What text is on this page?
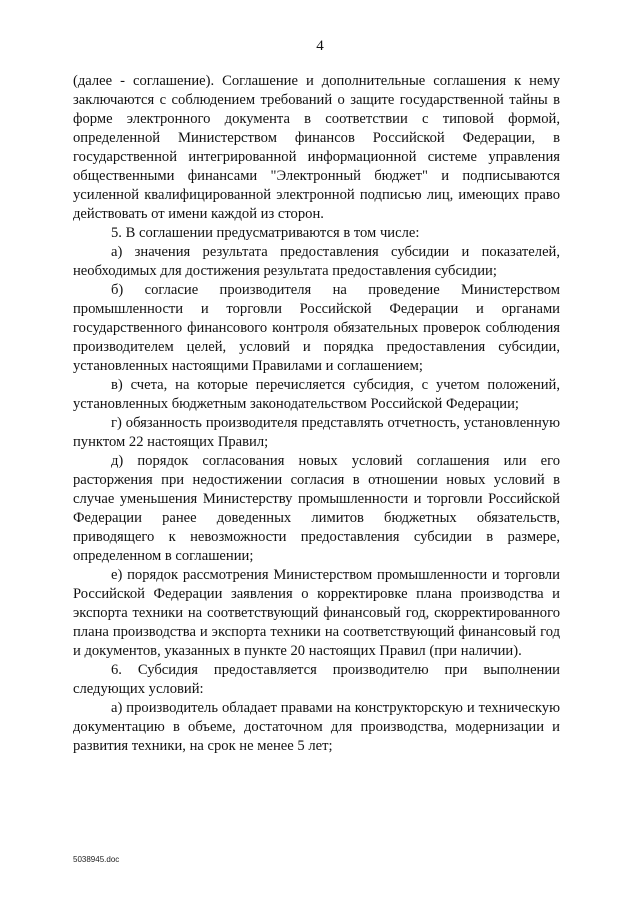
4

(далее - соглашение). Соглашение и дополнительные соглашения к нему заключаются с соблюдением требований о защите государственной тайны в форме электронного документа в соответствии с типовой формой, определенной Министерством финансов Российской Федерации, в государственной интегрированной информационной системе управления общественными финансами "Электронный бюджет" и подписываются усиленной квалифицированной электронной подписью лиц, имеющих право действовать от имени каждой из сторон.

5. В соглашении предусматриваются в том числе:

а) значения результата предоставления субсидии и показателей, необходимых для достижения результата предоставления субсидии;

б) согласие производителя на проведение Министерством промышленности и торговли Российской Федерации и органами государственного финансового контроля обязательных проверок соблюдения производителем целей, условий и порядка предоставления субсидии, установленных настоящими Правилами и соглашением;

в) счета, на которые перечисляется субсидия, с учетом положений, установленных бюджетным законодательством Российской Федерации;

г) обязанность производителя представлять отчетность, установленную пунктом 22 настоящих Правил;

д) порядок согласования новых условий соглашения или его расторжения при недостижении согласия в отношении новых условий в случае уменьшения Министерству промышленности и торговли Российской Федерации ранее доведенных лимитов бюджетных обязательств, приводящего к невозможности предоставления субсидии в размере, определенном в соглашении;

е) порядок рассмотрения Министерством промышленности и торговли Российской Федерации заявления о корректировке плана производства и экспорта техники на соответствующий финансовый год, скорректированного плана производства и экспорта техники на соответствующий финансовый год и документов, указанных в пункте 20 настоящих Правил (при наличии).

6. Субсидия предоставляется производителю при выполнении следующих условий:

а) производитель обладает правами на конструкторскую и техническую документацию в объеме, достаточном для производства, модернизации и развития техники, на срок не менее 5 лет;

5038945.doc
